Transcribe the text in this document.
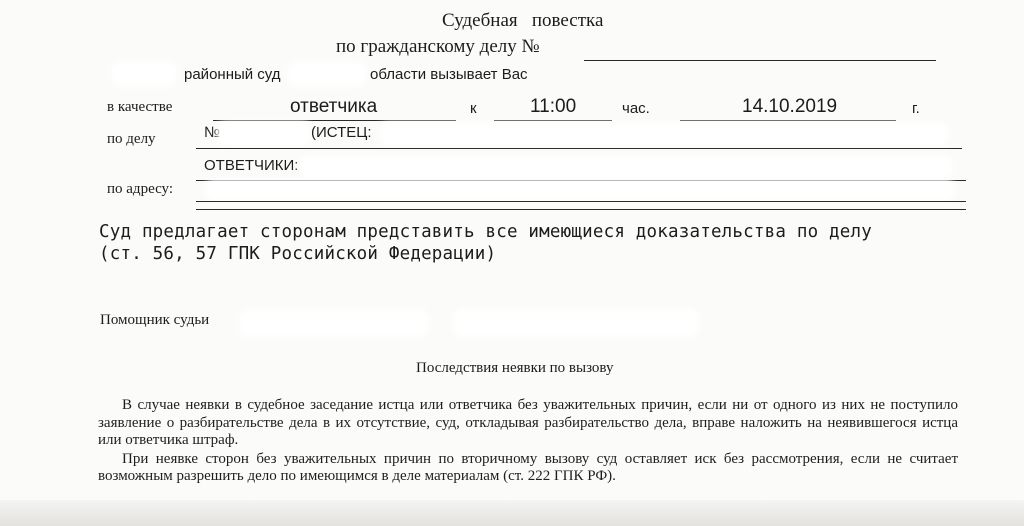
Судебная   повестка
по гражданскому делу №
районный суд	области вызывает Вас
в качестве	ответчика	к	11:00	час.	14.10.2019	г.
по делу	№	(ИСТЕЦ:
ОТВЕТЧИКИ:
по адресу:
Суд предлагает сторонам представить все имеющиеся доказательства по делу
(ст. 56, 57 ГПК Российской Федерации)
Помощник судьи
Последствия неявки по вызову

В случае неявки в судебное заседание истца или ответчика без уважительных причин, если ни от одного из них не поступило заявление о разбирательстве дела в их отсутствие, суд, откладывая разбирательство дела, вправе наложить на неявившегося истца или ответчика штраф.

При неявке сторон без уважительных причин по вторичному вызову суд оставляет иск без рассмотрения, если не считает возможным разрешить дело по имеющимся в деле материалам (ст. 222 ГПК РФ).
